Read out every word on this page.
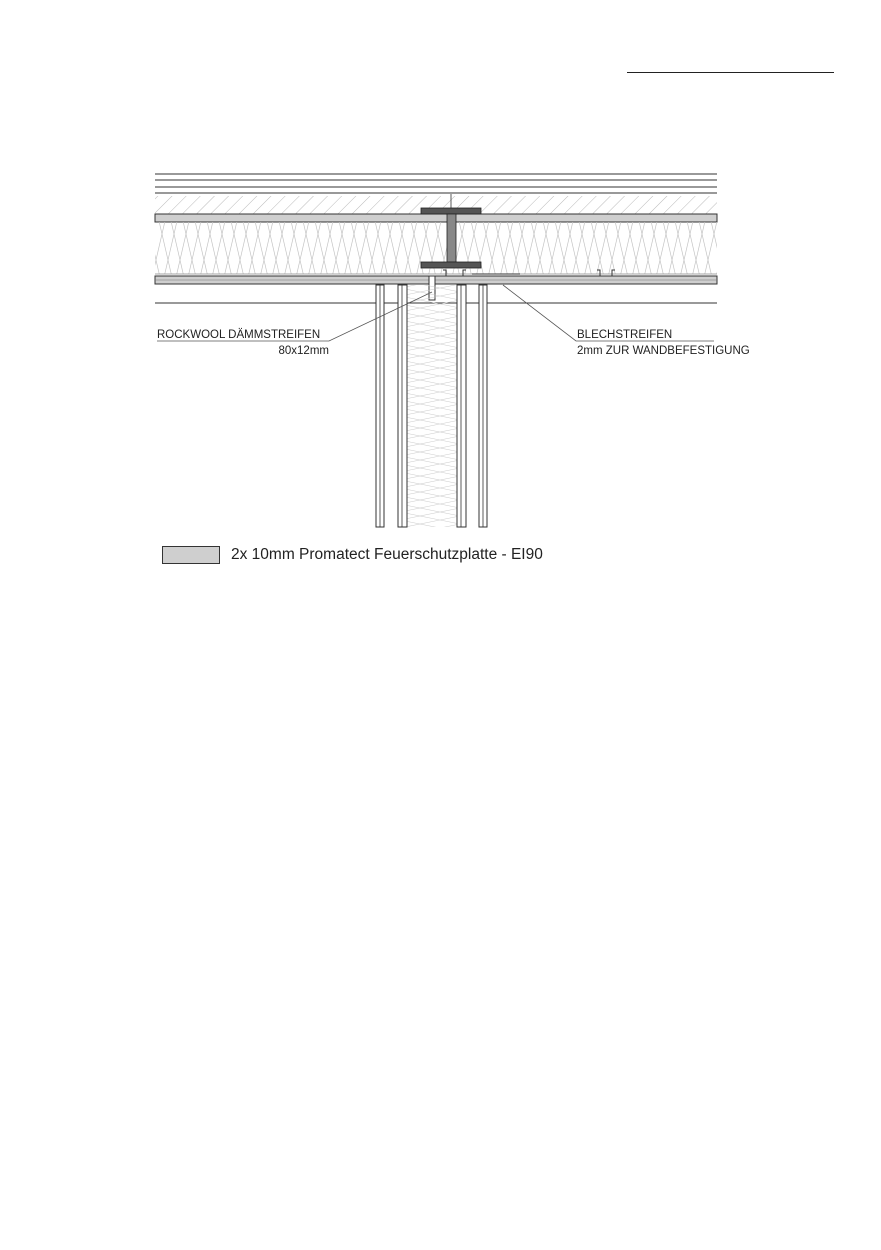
ROCKWOOL DÄMMSTREIFEN
80x12mm
BLECHSTREIFEN
2mm ZUR WANDBEFESTIGUNG
2x 10mm Promatect Feuerschutzplatte - EI90
